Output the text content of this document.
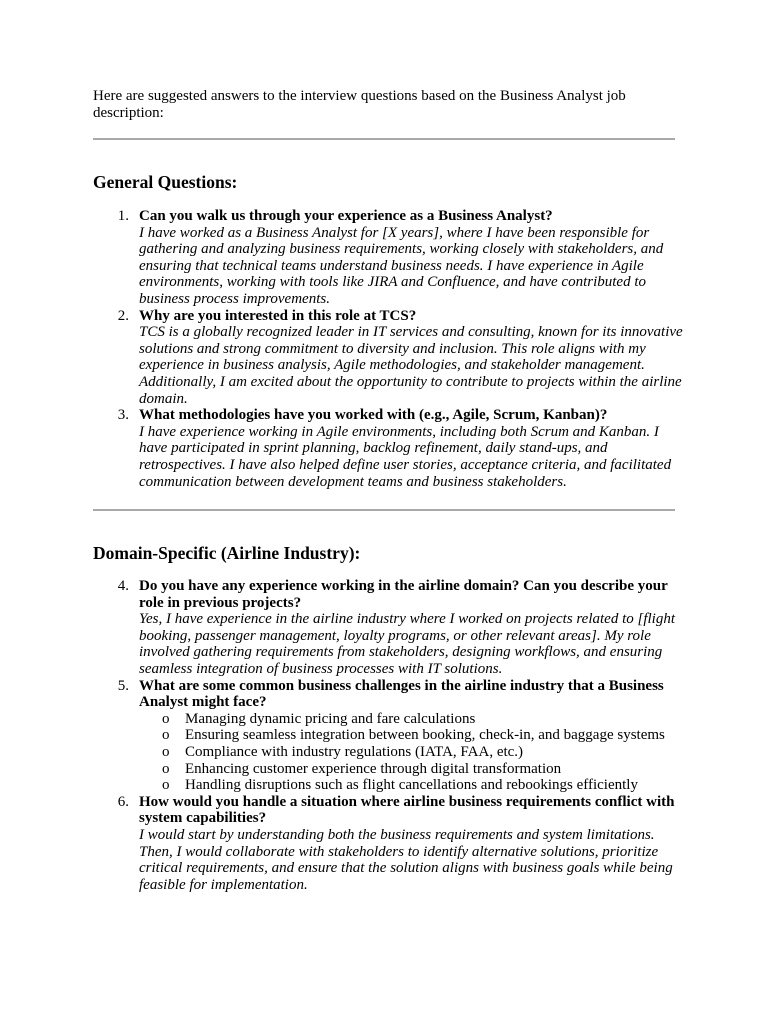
Here are suggested answers to the interview questions based on the Business Analyst job description:

General Questions:
1. Can you walk us through your experience as a Business Analyst?
I have worked as a Business Analyst for [X years], where I have been responsible for gathering and analyzing business requirements, working closely with stakeholders, and ensuring that technical teams understand business needs. I have experience in Agile environments, working with tools like JIRA and Confluence, and have contributed to business process improvements.
2. Why are you interested in this role at TCS?
TCS is a globally recognized leader in IT services and consulting, known for its innovative solutions and strong commitment to diversity and inclusion. This role aligns with my experience in business analysis, Agile methodologies, and stakeholder management. Additionally, I am excited about the opportunity to contribute to projects within the airline domain.
3. What methodologies have you worked with (e.g., Agile, Scrum, Kanban)?
I have experience working in Agile environments, including both Scrum and Kanban. I have participated in sprint planning, backlog refinement, daily stand-ups, and retrospectives. I have also helped define user stories, acceptance criteria, and facilitated communication between development teams and business stakeholders.
Domain-Specific (Airline Industry):
4. Do you have any experience working in the airline domain? Can you describe your role in previous projects?
Yes, I have experience in the airline industry where I worked on projects related to [flight booking, passenger management, loyalty programs, or other relevant areas]. My role involved gathering requirements from stakeholders, designing workflows, and ensuring seamless integration of business processes with IT solutions.
5. What are some common business challenges in the airline industry that a Business Analyst might face?
o Managing dynamic pricing and fare calculations
o Ensuring seamless integration between booking, check-in, and baggage systems
o Compliance with industry regulations (IATA, FAA, etc.)
o Enhancing customer experience through digital transformation
o Handling disruptions such as flight cancellations and rebookings efficiently
6. How would you handle a situation where airline business requirements conflict with system capabilities?
I would start by understanding both the business requirements and system limitations. Then, I would collaborate with stakeholders to identify alternative solutions, prioritize critical requirements, and ensure that the solution aligns with business goals while being feasible for implementation.
